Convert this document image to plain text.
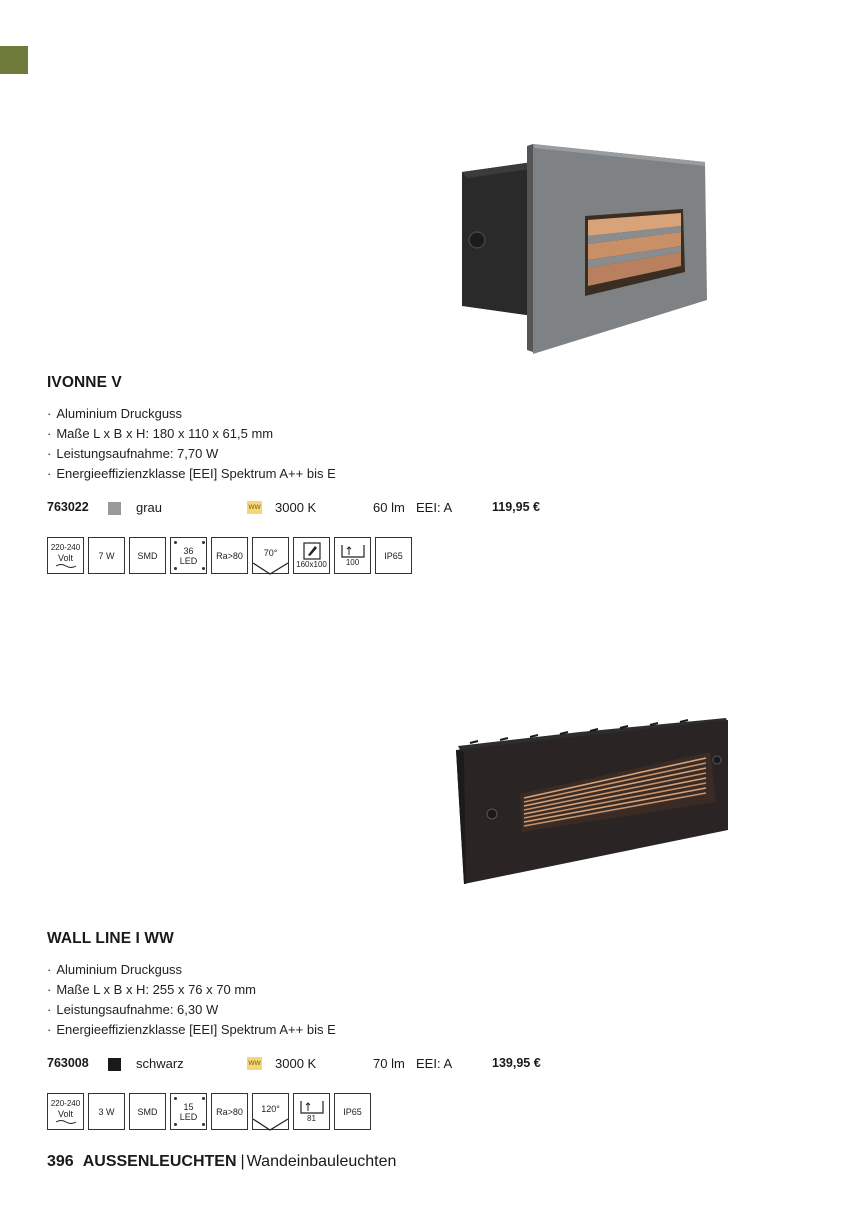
IVONNE V
· Aluminium Druckguss
· Maße L x B x H: 180 x 110 x 61,5 mm
· Leistungsaufnahme: 7,70 W
· Energieeffizienzklasse [EEI] Spektrum A++ bis E
763022	grau	WW 3000 K	60 lm EEI: A	119,95 €
220-240
Volt	7 W	SMD	36
LED Ra>80 70°
160x100 100
IP65
WALL LINE I WW
· Aluminium Druckguss
· Maße L x B x H: 255 x 76 x 70 mm
· Leistungsaufnahme: 6,30 W
· Energieeffizienzklasse [EEI] Spektrum A++ bis E
763008	schwarz	WW 3000 K	70 lm EEI: A	139,95 €
220-240
Volt	3 W	SMD	15
LED Ra>80 120°
81
IP65
396 AUSSENLEUCHTEN | Wandeinbauleuchten
